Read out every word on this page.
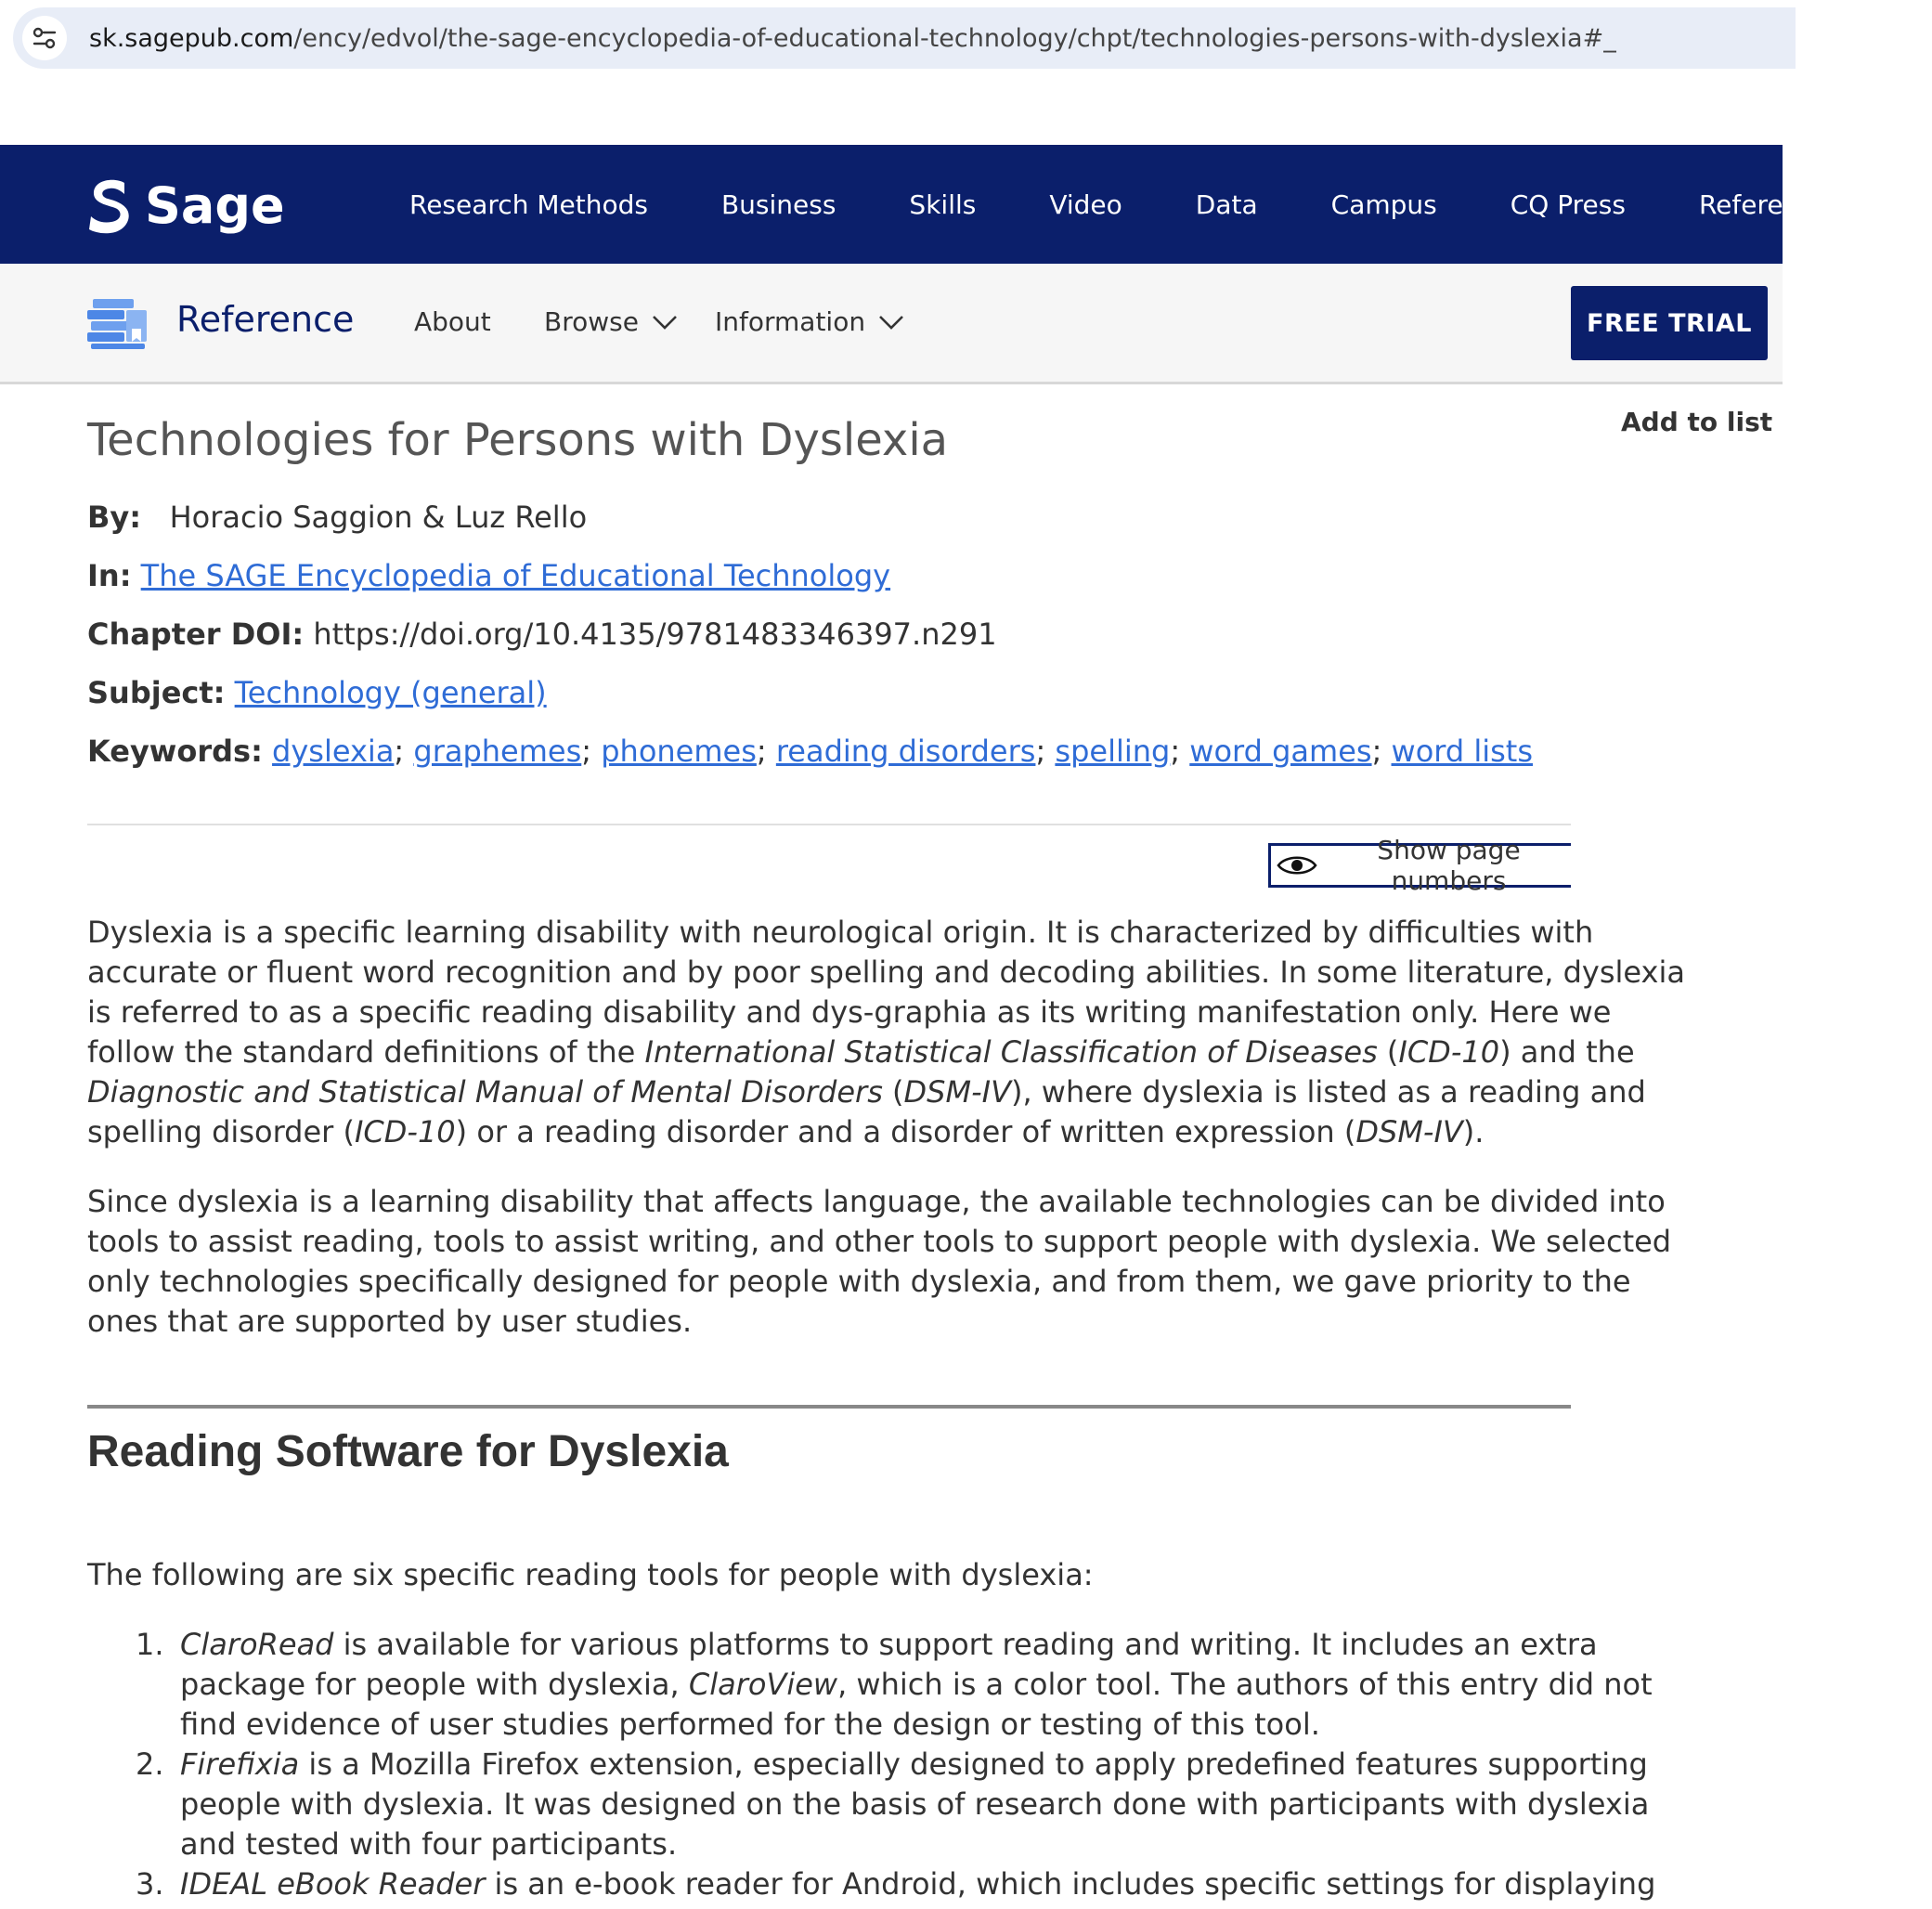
sk.sagepub.com/ency/edvol/the-sage-encyclopedia-of-educational-technology/chpt/technologies-persons-with-dyslexia#_
Sage	Research Methods	Business	Skills	Video	Data	Campus	CQ Press	Reference &
Reference About Browse	Information	FREE TRIAL
Add to list
Technologies for Persons with Dyslexia
By: Horacio Saggion & Luz Rello
In: The SAGE Encyclopedia of Educational Technology
Chapter DOI: https://doi.org/10.4135/9781483346397.n291
Subject: Technology (general)
Keywords: dyslexia; graphemes; phonemes; reading disorders; spelling; word games; word lists
Show page numbers
Dyslexia is a specific learning disability with neurological origin. It is characterized by difficulties with
accurate or fluent word recognition and by poor spelling and decoding abilities. In some literature, dyslexia
is referred to as a specific reading disability and dys-graphia as its writing manifestation only. Here we
follow the standard definitions of the International Statistical Classification of Diseases (ICD-10) and the
Diagnostic and Statistical Manual of Mental Disorders (DSM-IV), where dyslexia is listed as a reading and
spelling disorder (ICD-10) or a reading disorder and a disorder of written expression (DSM-IV).
Since dyslexia is a learning disability that affects language, the available technologies can be divided into
tools to assist reading, tools to assist writing, and other tools to support people with dyslexia. We selected
only technologies specifically designed for people with dyslexia, and from them, we gave priority to the
ones that are supported by user studies.
Reading Software for Dyslexia
The following are six specific reading tools for people with dyslexia:
1. ClaroRead is available for various platforms to support reading and writing. It includes an extra
package for people with dyslexia, ClaroView, which is a color tool. The authors of this entry did not
find evidence of user studies performed for the design or testing of this tool.
2. Firefixia is a Mozilla Firefox extension, especially designed to apply predefined features supporting
people with dyslexia. It was designed on the basis of research done with participants with dyslexia
and tested with four participants.
3. IDEAL eBook Reader is an e-book reader for Android, which includes specific settings for displaying
